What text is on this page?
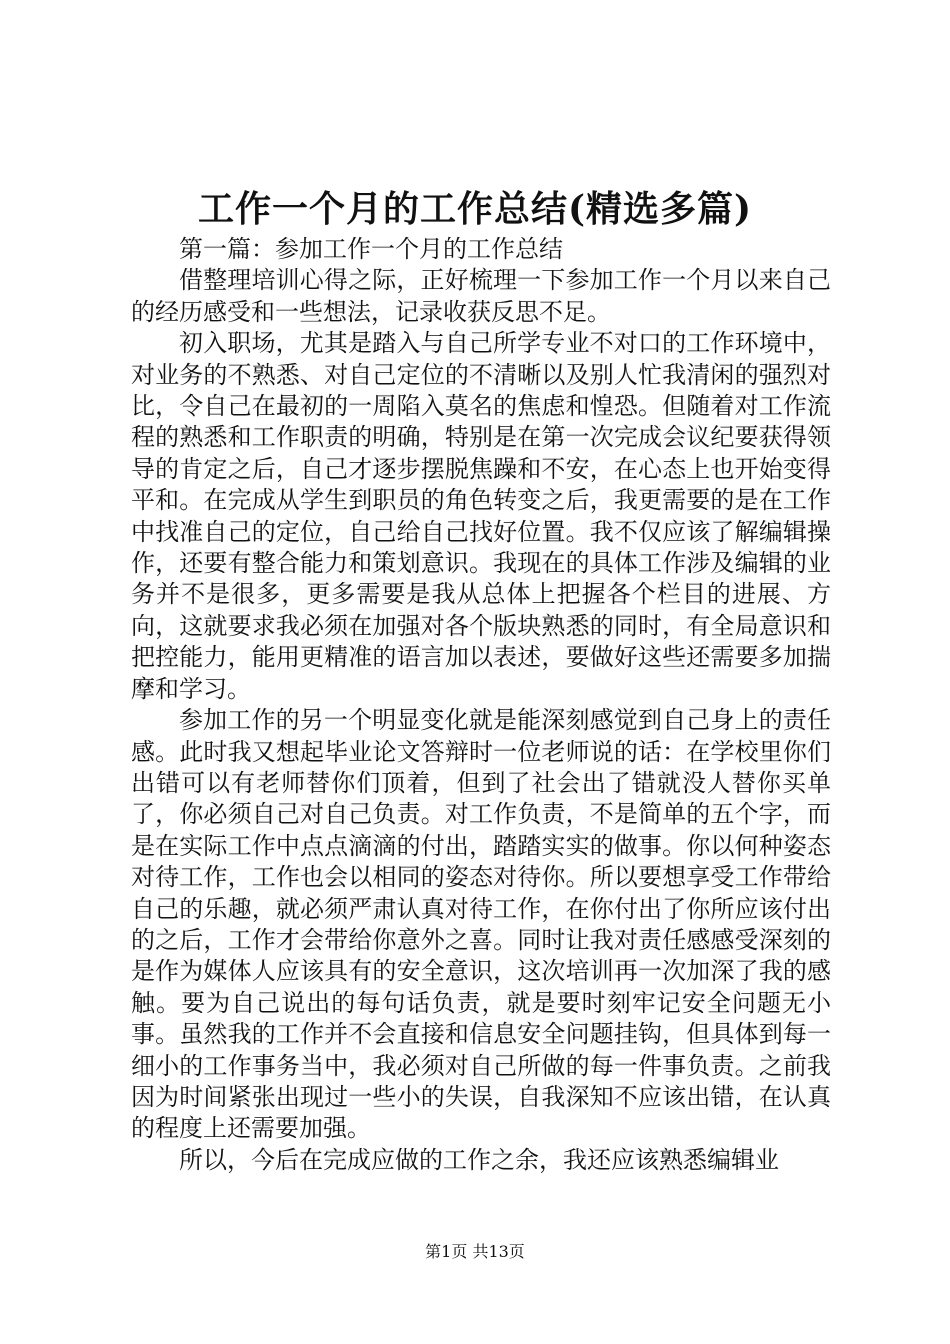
工作一个月的工作总结(精选多篇)

第一篇：参加工作一个月的工作总结

借整理培训心得之际，正好梳理一下参加工作一个月以来自己的经历感受和一些想法，记录收获反思不足。

初入职场，尤其是踏入与自己所学专业不对口的工作环境中，对业务的不熟悉、对自己定位的不清晰以及别人忙我清闲的强烈对比，令自己在最初的一周陷入莫名的焦虑和惶恐。但随着对工作流程的熟悉和工作职责的明确，特别是在第一次完成会议纪要获得领导的肯定之后，自己才逐步摆脱焦躁和不安，在心态上也开始变得平和。在完成从学生到职员的角色转变之后，我更需要的是在工作中找准自己的定位，自己给自己找好位置。我不仅应该了解编辑操作，还要有整合能力和策划意识。我现在的具体工作涉及编辑的业务并不是很多，更多需要是我从总体上把握各个栏目的进展、方向，这就要求我必须在加强对各个版块熟悉的同时，有全局意识和把控能力，能用更精准的语言加以表述，要做好这些还需要多加揣摩和学习。

参加工作的另一个明显变化就是能深刻感觉到自己身上的责任感。此时我又想起毕业论文答辩时一位老师说的话：在学校里你们出错可以有老师替你们顶着，但到了社会出了错就没人替你买单了，你必须自己对自己负责。对工作负责，不是简单的五个字，而是在实际工作中点点滴滴的付出，踏踏实实的做事。你以何种姿态对待工作，工作也会以相同的姿态对待你。所以要想享受工作带给自己的乐趣，就必须严肃认真对待工作，在你付出了你所应该付出的之后，工作才会带给你意外之喜。同时让我对责任感感受深刻的是作为媒体人应该具有的安全意识，这次培训再一次加深了我的感触。要为自己说出的每句话负责，就是要时刻牢记安全问题无小事。虽然我的工作并不会直接和信息安全问题挂钩，但具体到每一细小的工作事务当中，我必须对自己所做的每一件事负责。之前我因为时间紧张出现过一些小的失误，自我深知不应该出错，在认真的程度上还需要加强。

所以，今后在完成应做的工作之余，我还应该熟悉编辑业

第1页 共13页
